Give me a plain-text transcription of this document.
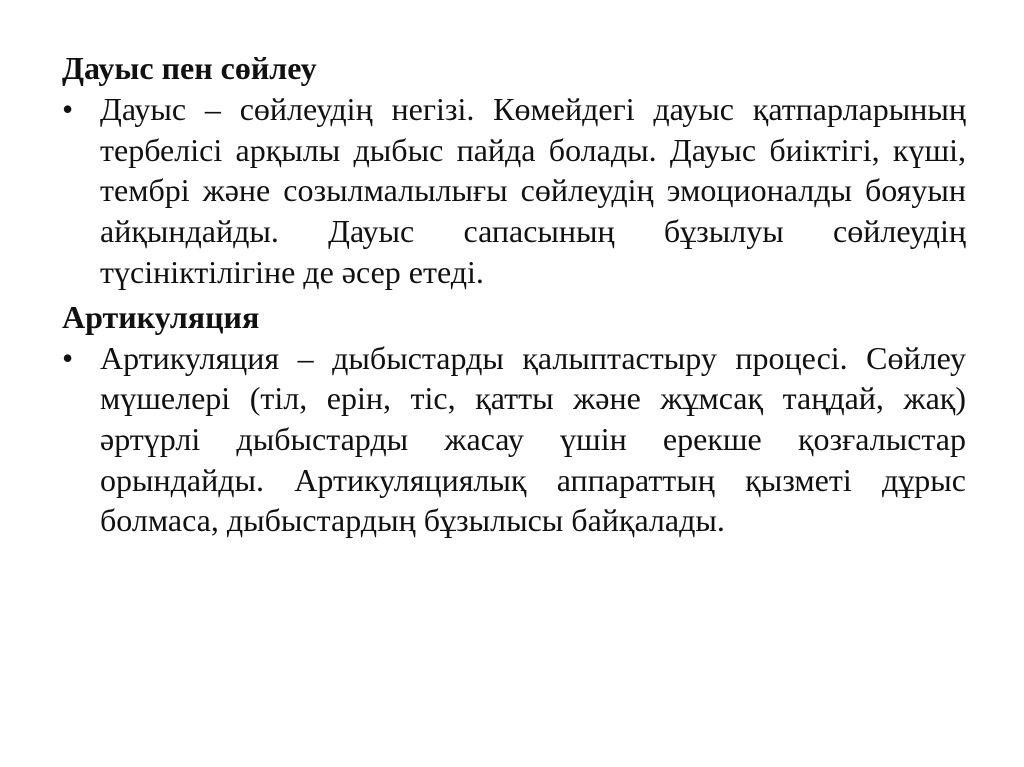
Дауыс пен сөйлеу
• Дауыс – сөйлеудің негізі. Көмейдегі дауыс қатпарларының тербелісі арқылы дыбыс пайда болады. Дауыс биіктігі, күші, тембрі және созылмалылығы сөйлеудің эмоционалды бояуын айқындайды. Дауыс сапасының бұзылуы сөйлеудің түсініктілігіне де әсер етеді.
Артикуляция
• Артикуляция – дыбыстарды қалыптастыру процесі. Сөйлеу мүшелері (тіл, ерін, тіс, қатты және жұмсақ таңдай, жақ) әртүрлі дыбыстарды жасау үшін ерекше қозғалыстар орындайды. Артикуляциялық аппараттың қызметі дұрыс болмаса, дыбыстардың бұзылысы байқалады.
